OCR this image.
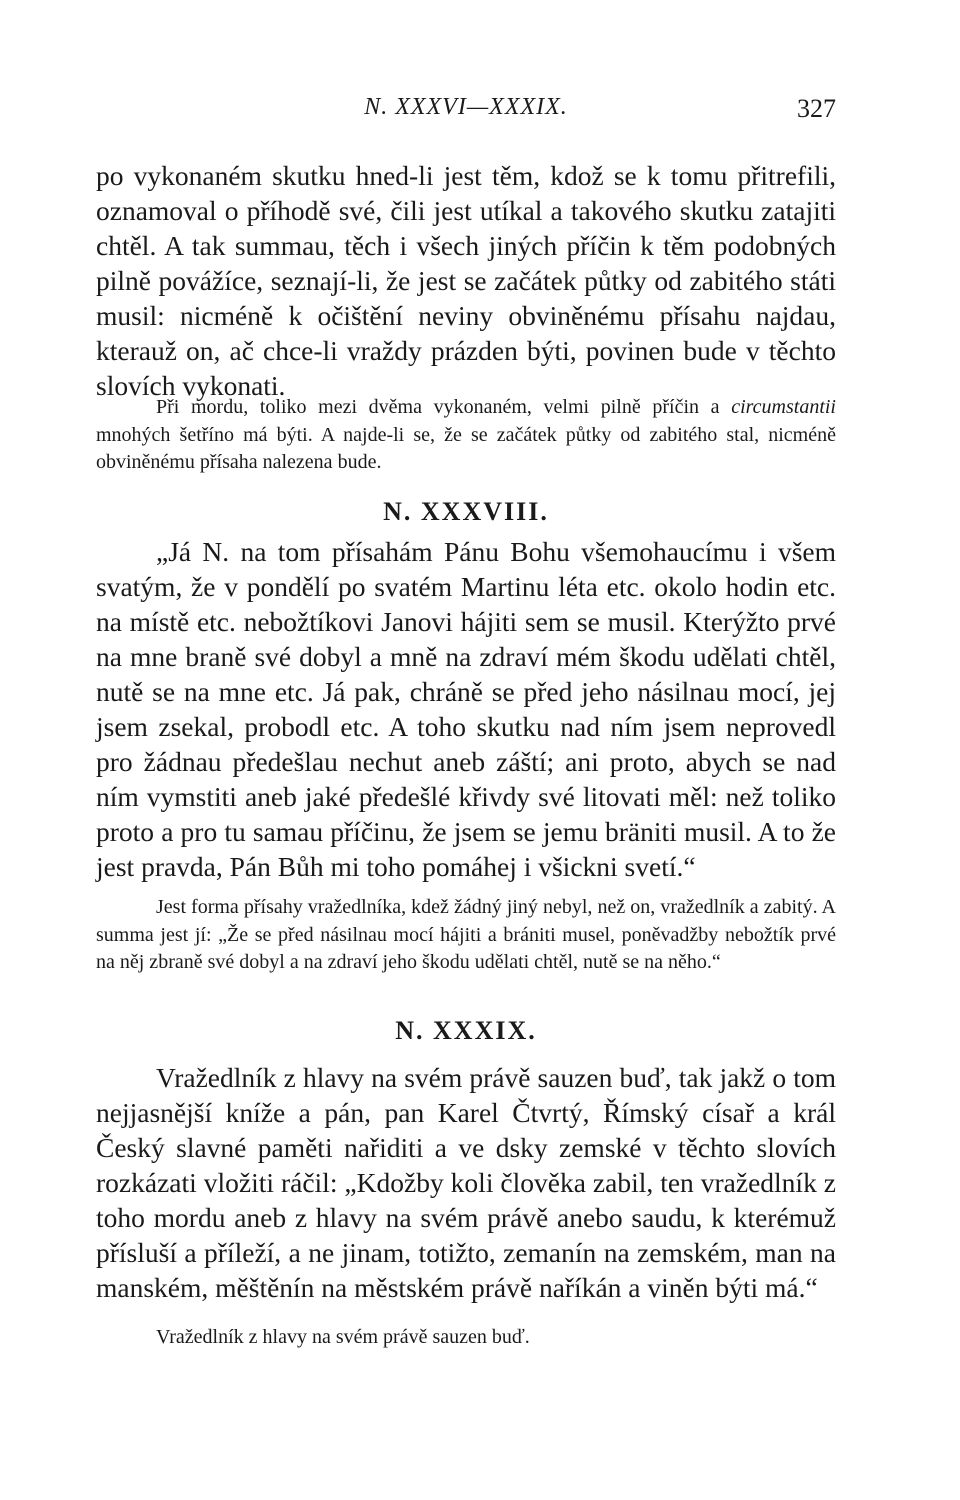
N. XXXVI—XXXIX.	327

po vykonaném skutku hned-li jest těm, kdož se k tomu přitrefili, oznamoval o příhodě své, čili jest utíkal a takového skutku zatajiti chtěl. A tak summau, těch i všech jiných příčin k těm podobných pilně povážíce, seznají-li, že jest se začátek půtky od zabitého státi musil: nicméně k očištění neviny obviněnému přísahu najdau, kterauž on, ač chce-li vraždy prázden býti, povinen bude v těchto slovích vykonati.

Při mordu, toliko mezi dvěma vykonaném, velmi pilně příčin a circumstantii mnohých šetříno má býti. A najde-li se, že se začátek půtky od zabitého stal, nicméně obviněnému přísaha nalezena bude.

N. XXXVIII.

„Já N. na tom přísahám Pánu Bohu všemohaucímu i všem svatým, že v pondělí po svatém Martinu léta etc. okolo hodin etc. na místě etc. nebožtíkovi Janovi hájiti sem se musil. Kterýžto prvé na mne braně své dobyl a mně na zdraví mém škodu udělati chtěl, nutě se na mne etc. Já pak, chráně se před jeho násilnau mocí, jej jsem zsekal, probodl etc. A toho skutku nad ním jsem neprovedl pro žádnau předešlau nechut aneb záští; ani proto, abych se nad ním vymstiti aneb jaké předešlé křivdy své litovati měl: než toliko proto a pro tu samau příčinu, že jsem se jemu bräniti musil. A to že jest pravda, Pán Bůh mi toho pomáhej i všickni svetí.“

Jest forma přísahy vražedlníka, kdež žádný jiný nebyl, než on, vražedlník a zabitý. A summa jest jí: „Že se před násilnau mocí hájiti a brániti musel, poněvadžby nebožtík prvé na něj zbraně své dobyl a na zdraví jeho škodu udělati chtěl, nutě se na něho.“

N. XXXIX.

Vražedlník z hlavy na svém právě sauzen buď, tak jakž o tom nejjasnější kníže a pán, pan Karel Čtvrtý, Římský císař a král Český slavné paměti nařiditi a ve dsky zemské v těchto slovích rozkázati vložiti ráčil: „Kdožby koli člověka zabil, ten vražedlník z toho mordu aneb z hlavy na svém právě anebo saudu, k kterémuž přísluší a příleží, a ne jinam, totižto, zemanín na zemském, man na manském, měštěnín na městském právě naříkán a viněn býti má.“

Vražedlník z hlavy na svém právě sauzen buď.
